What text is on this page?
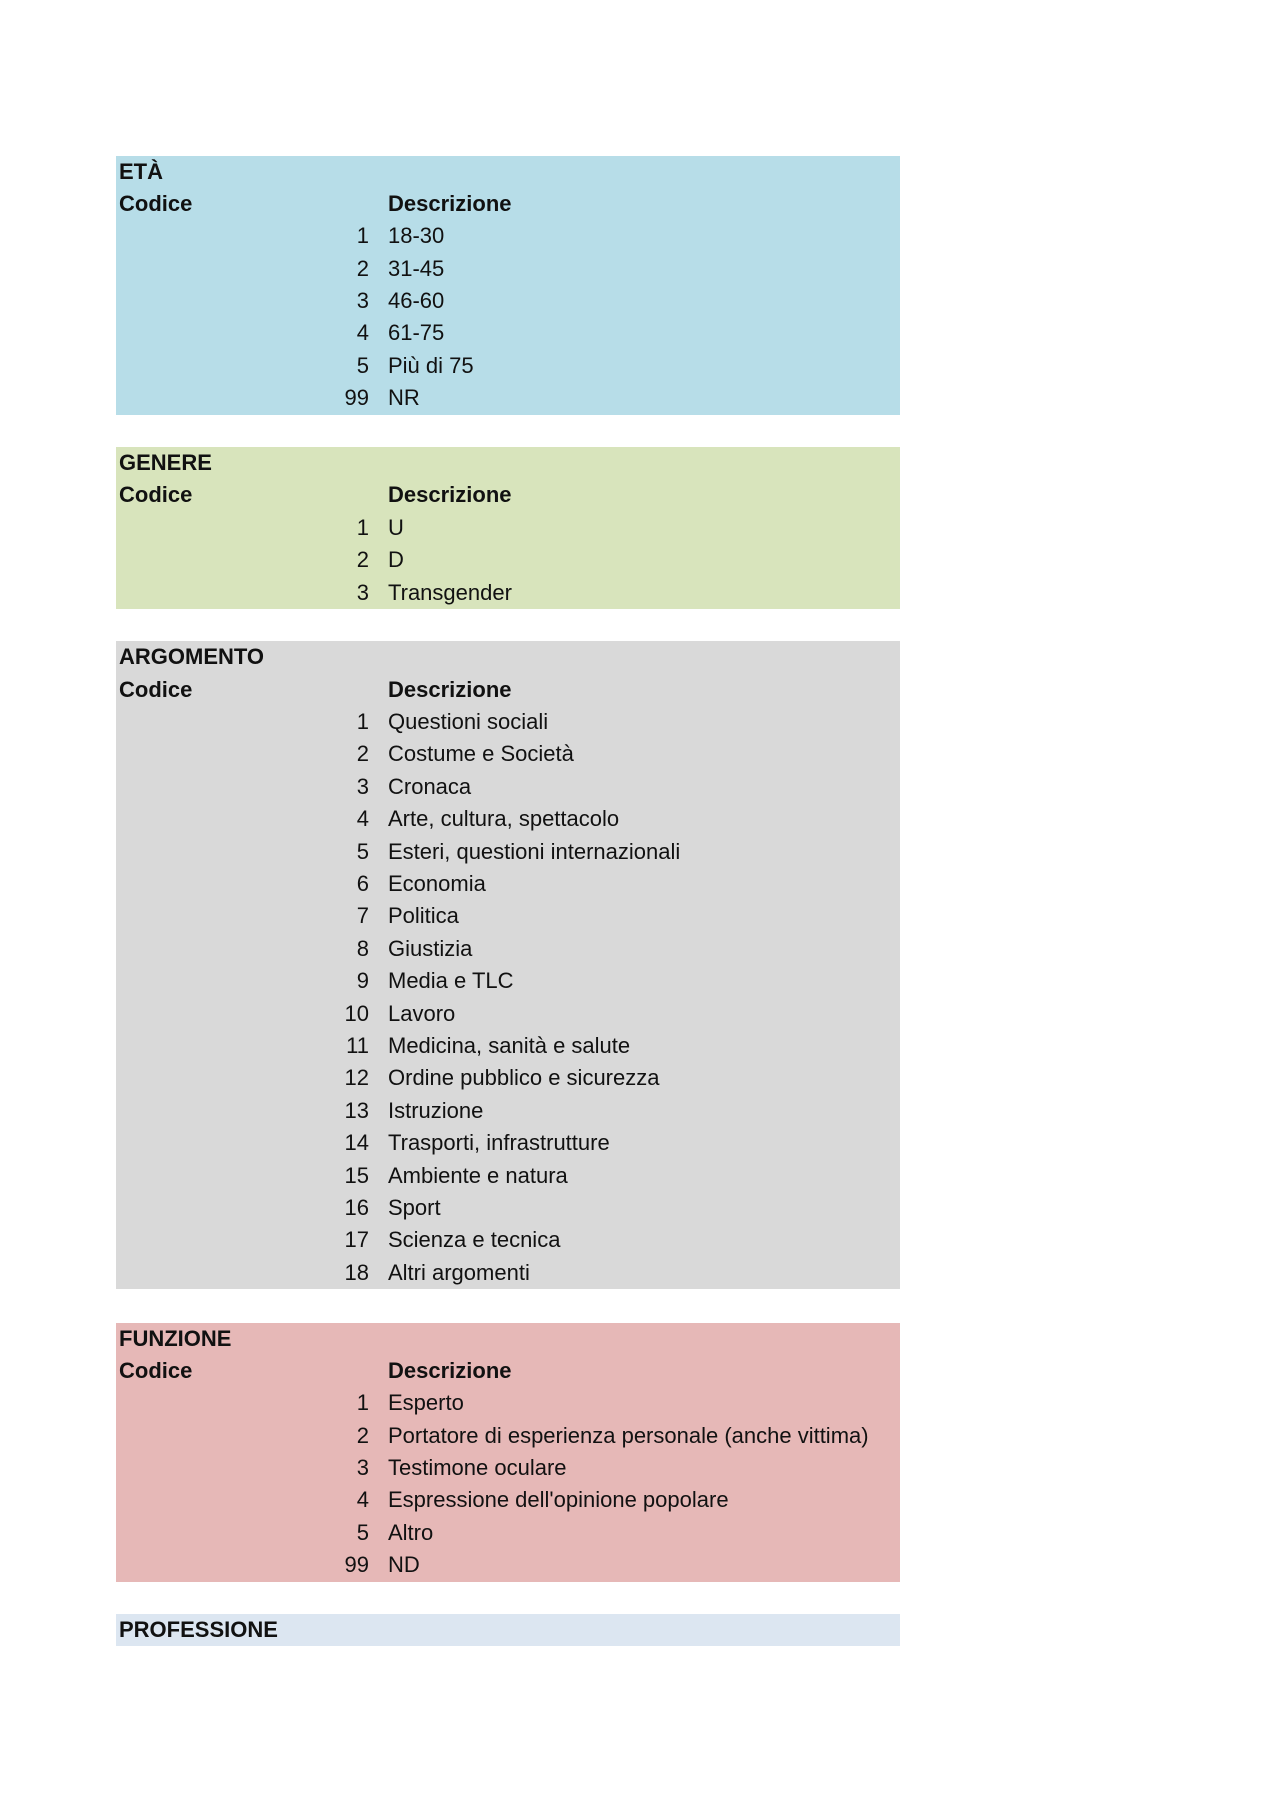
ETÀ
Codice	Descrizione
1 18-30
2 31-45
3 46-60
4 61-75
5 Più di 75
99 NR
GENERE
Codice	Descrizione
1 U
2 D
3 Transgender
ARGOMENTO
Codice	Descrizione
1 Questioni sociali
2 Costume e Società
3 Cronaca
4 Arte, cultura, spettacolo
5 Esteri, questioni internazionali
6 Economia
7 Politica
8 Giustizia
9 Media e TLC
10 Lavoro
11 Medicina, sanità e salute
12 Ordine pubblico e sicurezza
13 Istruzione
14 Trasporti, infrastrutture
15 Ambiente e natura
16 Sport
17 Scienza e tecnica
18 Altri argomenti
FUNZIONE
Codice	Descrizione
1 Esperto
2 Portatore di esperienza personale (anche vittima)
3 Testimone oculare
4 Espressione dell'opinione popolare
5 Altro
99 ND
PROFESSIONE
